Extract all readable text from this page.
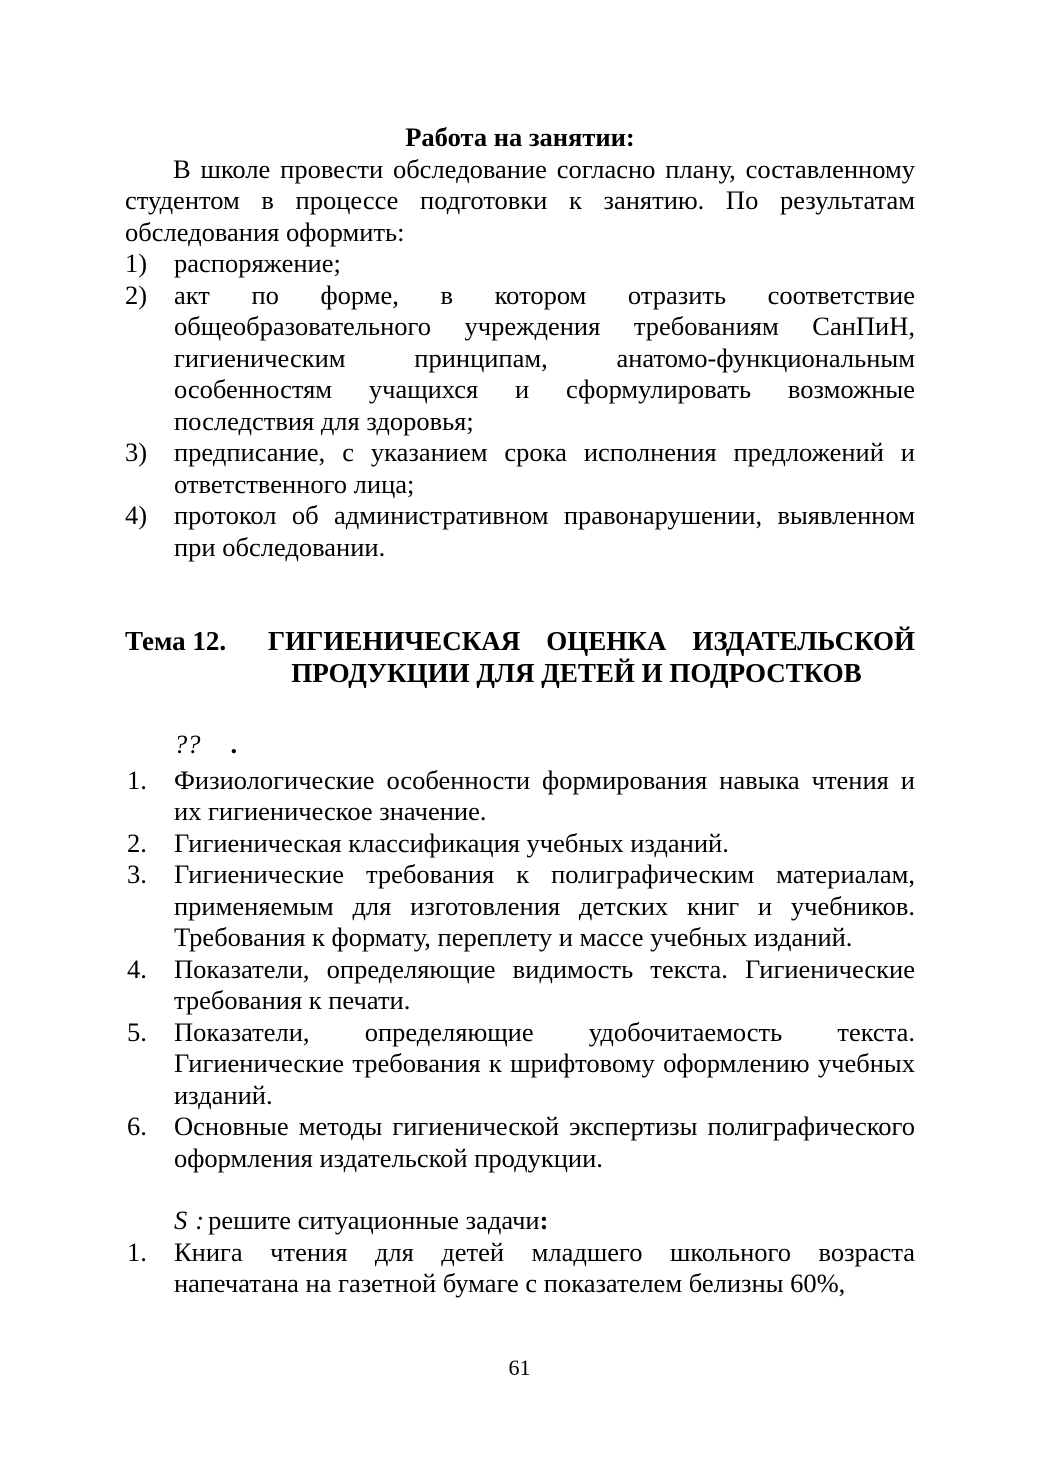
Работа на занятии:
В школе провести обследование согласно плану, составленному студентом в процессе подготовки к занятию. По результатам обследования оформить:
1) распоряжение;
2) акт по форме, в котором отразить соответствие общеобразовательного учреждения требованиям СанПиН, гигиеническим принципам, анатомо-функциональным особенностям учащихся и сформулировать возможные последствия для здоровья;
3) предписание, с указанием срока исполнения предложений и ответственного лица;
4) протокол об административном правонарушении, выявленном при обследовании.
Тема 12. ГИГИЕНИЧЕСКАЯ ОЦЕНКА ИЗДАТЕЛЬСКОЙ
ПРОДУКЦИИ ДЛЯ ДЕТЕЙ И ПОДРОСТКОВ
?? .
1. Физиологические особенности формирования навыка чтения и их гигиеническое значение.
2. Гигиеническая классификация учебных изданий.
3. Гигиенические требования к полиграфическим материалам, применяемым для изготовления детских книг и учебников. Требования к формату, переплету и массе учебных изданий.
4. Показатели, определяющие видимость текста. Гигиенические требования к печати.
5. Показатели, определяющие удобочитаемость текста. Гигиенические требования к шрифтовому оформлению учебных изданий.
6. Основные методы гигиенической экспертизы полиграфического оформления издательской продукции.
S : решите ситуационные задачи:
1. Книга чтения для детей младшего школьного возраста напечатана на газетной бумаге с показателем белизны 60%,
61
